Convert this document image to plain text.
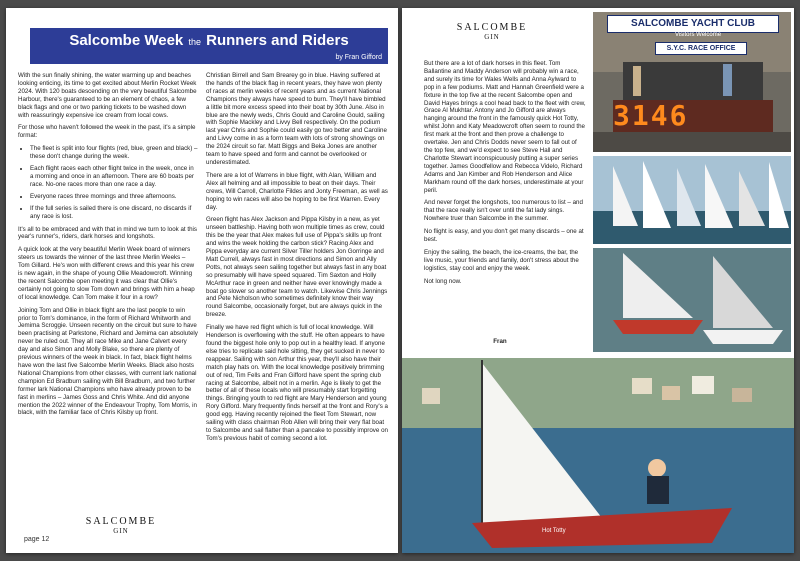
Salcombe Week the Runners and Riders
by Fran Gifford

With the sun finally shining, the water warming up and beaches looking enticing, its time to get excited about Merlin Rocket Week 2024. With 120 boats descending on the very beautiful Salcombe Harbour, there's guaranteed to be an element of chaos, a few black flags and one or two parking tickets to be washed down with reassuringly expensive ice cream from local cows.

For those who haven't followed the week in the past, it's a simple format:

• The fleet is split into four flights (red, blue, green and black) – these don't change during the week.
• Each flight races each other flight twice in the week, once in a morning and once in an afternoon. There are 60 boats per race. No-one races more than one race a day.
• Everyone races three mornings and three afternoons.
• If the full series is sailed there is one discard, no discards if any race is lost.

It's all to be embraced and with that in mind we turn to look at this year's runner's, riders, dark horses and longshots.

A quick look at the very beautiful Merlin Week board of winners steers us towards the winner of the last three Merlin Weeks – Tom Gillard. He's won with different crews and this year his crew is new again, in the shape of young Ollie Meadowcroft. Winning the recent Salcombe open meeting it was clear that Ollie's certainly not going to slow Tom down and brings with him a heap of local knowledge. Can Tom make it four in a row?

Joining Tom and Ollie in black flight are the last people to win prior to Tom's dominance, in the form of Richard Whitworth and Jemima Scroggie. Unseen recently on the circuit but sure to have been practising at Parkstone, Richard and Jemima can absolutely never be ruled out. They all race Mike and Jane Calvert every day and also Simon and Molly Blake, so there are plenty of previous winners of the week in black. In fact, black flight helms have won the last five Salcombe Merlin Weeks. Black also hosts National Champions from other classes, with current lark national champion Ed Bradburn sailing with Bill Bradburn, and two further former lark National Champions who have already proven to be fast in merlins – James Goss and Chris White. And did anyone mention the 2022 winner of the Endeavour Trophy, Tom Morris, in black, with the familiar face of Chris Kilsby up front.

Christian Birrell and Sam Brearey go in blue. Having suffered at the hands of the black flag in recent years, they have won plenty of races at merlin weeks of recent years and as current National Champions they always have speed to burn. They'll have bimbled a little bit more excess speed into their boat by 30th June. Also in blue are the newly weds, Chris Gould and Caroline Gould, sailing with Sophie Mackley and Livvy Bell respectively. On the podium last year Chris and Sophie could easily go two better and Caroline and Livvy come in as a form team with lots of strong showings on the 2024 circuit so far. Matt Biggs and Beka Jones are another team to have speed and form and cannot be overlooked or underestimated.

There are a lot of Warrens in blue flight, with Alan, William and Alex all helming and all impossible to beat on their days. Their crews, Will Carroll, Charlotte Fildes and Jonty Freeman, as well as hoping to win races will also be hoping to be first Warren. Every day.

Green flight has Alex Jackson and Pippa Kilsby in a new, as yet unseen battleship. Having both won multiple times as crew, could this be the year that Alex makes full use of Pippa's skills up front and wins the week holding the carbon stick? Racing Alex and Pippa everyday are current Silver Tiller holders Jon Gorringe and Matt Currell, always fast in most directions and Simon and Ally Potts, not always seen sailing together but always fast in any boat so presumably will have speed squared. Tim Saxton and Holly McArthur race in green and neither have ever knowingly made a boat go slower so another team to watch. Likewise Chris Jennings and Pete Nicholson who sometimes definitely know their way round Salcombe, occasionally forget, but are always quick in the breeze.

Finally we have red flight which is full of local knowledge. Will Henderson is overflowing with the stuff. He often appears to have found the biggest hole only to pop out in a healthy lead. If anyone else tries to replicate said hole sitting, they get sucked in never to reappear. Sailing with son Arthur this year, they'll also have their match play hats on. With the local knowledge positively brimming out of red, Tim Fells and Fran Gifford have spent the spring club racing at Salcombe, albeit not in a merlin. Age is likely to get the better of all of these locals who will presumably start forgetting things. Bringing youth to red flight are Mary Henderson and young Rory Gifford. Mary frequently finds herself at the front and Rory's a good egg. Having recently rejoined the fleet Tom Stewart, now sailing with class chairman Rob Allen will bring their very flat boat to Salcombe and sail flatter than a pancake to possibly improve on Tom's previous habit of coming second a lot.

SALCOMBE
GIN
page 12
SALCOMBE
GIN

But there are a lot of dark horses in this fleet. Tom Ballantine and Maddy Anderson will probably win a race, and surely its time for Wales Wells and Anna Aylward to pop in a few podiums. Matt and Hannah Greenfield were a fixture in the top five at the recent Salcombe open and David Hayes brings a cool head back to the fleet with crew, Grace Al Mukhtar. Antony and Jo Gifford are always hanging around the front in the famously quick Hot Totty, whilst John and Katy Meadowcroft often seem to round the first mark at the front and then prove a challenge to overtake. Jen and Chris Dodds never seem to fall out of the top few, and we'd expect to see Steve Hall and Charlotte Stewart inconspicuously putting a super series together. James Goodfellow and Rebecca Videlo, Richard Adams and Jan Kimber and Rob Henderson and Alice Markham round off the dark horses, underestimate at your peril.

And never forget the longshots, too numerous to list – and that the race really isn't over until the fat lady sings. Nowhere truer than Salcombe in the summer.

No flight is easy, and you don't get many discards – one at best.

Enjoy the sailing, the beach, the ice-creams, the bar, the live music, your friends and family, don't stress about the logistics, stay cool and enjoy the week.

Not long now.

Fran
SALCOMBE YACHT CLUB
Visitors Welcome
S.Y.C. RACE OFFICE
3146
Hot Totty
